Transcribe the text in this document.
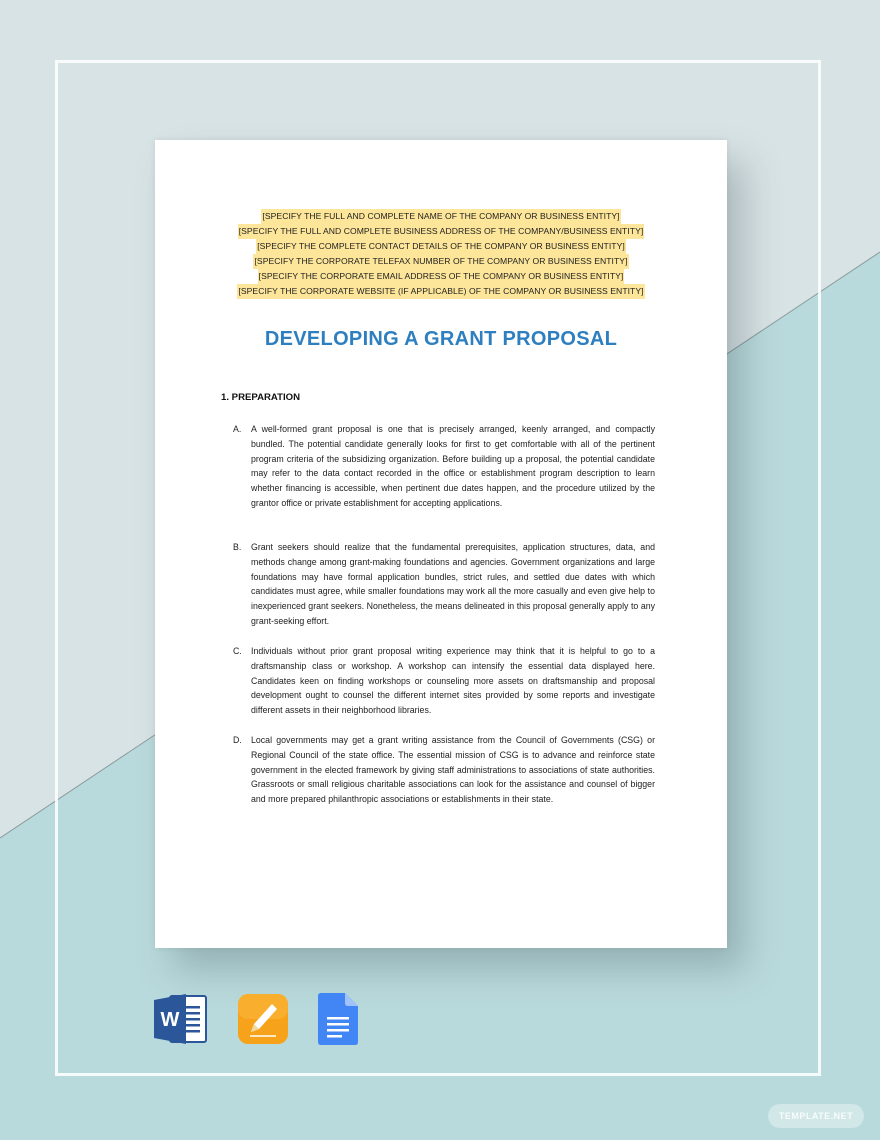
[SPECIFY THE FULL AND COMPLETE NAME OF THE COMPANY OR BUSINESS ENTITY]
[SPECIFY THE FULL AND COMPLETE BUSINESS ADDRESS OF THE COMPANY/BUSINESS ENTITY]
[SPECIFY THE COMPLETE CONTACT DETAILS OF THE COMPANY OR BUSINESS ENTITY]
[SPECIFY THE CORPORATE TELEFAX NUMBER OF THE COMPANY OR BUSINESS ENTITY]
[SPECIFY THE CORPORATE EMAIL ADDRESS OF THE COMPANY OR BUSINESS ENTITY]
[SPECIFY THE CORPORATE WEBSITE (IF APPLICABLE) OF THE COMPANY OR BUSINESS ENTITY]
DEVELOPING A GRANT PROPOSAL
1. PREPARATION
A. A well-formed grant proposal is one that is precisely arranged, keenly arranged, and compactly bundled. The potential candidate generally looks for first to get comfortable with all of the pertinent program criteria of the subsidizing organization. Before building up a proposal, the potential candidate may refer to the data contact recorded in the office or establishment program description to learn whether financing is accessible, when pertinent due dates happen, and the procedure utilized by the grantor office or private establishment for accepting applications.
B. Grant seekers should realize that the fundamental prerequisites, application structures, data, and methods change among grant-making foundations and agencies. Government organizations and large foundations may have formal application bundles, strict rules, and settled due dates with which candidates must agree, while smaller foundations may work all the more casually and even give help to inexperienced grant seekers. Nonetheless, the means delineated in this proposal generally apply to any grant-seeking effort.
C. Individuals without prior grant proposal writing experience may think that it is helpful to go to a draftsmanship class or workshop. A workshop can intensify the essential data displayed here. Candidates keen on finding workshops or counseling more assets on draftsmanship and proposal development ought to counsel the different internet sites provided by some reports and investigate different assets in their neighborhood libraries.
D. Local governments may get a grant writing assistance from the Council of Governments (CSG) or Regional Council of the state office. The essential mission of CSG is to advance and reinforce state government in the elected framework by giving staff administrations to associations of state authorities. Grassroots or small religious charitable associations can look for the assistance and counsel of bigger and more prepared philanthropic associations or establishments in their state.
W
TEMPLATE.NET
